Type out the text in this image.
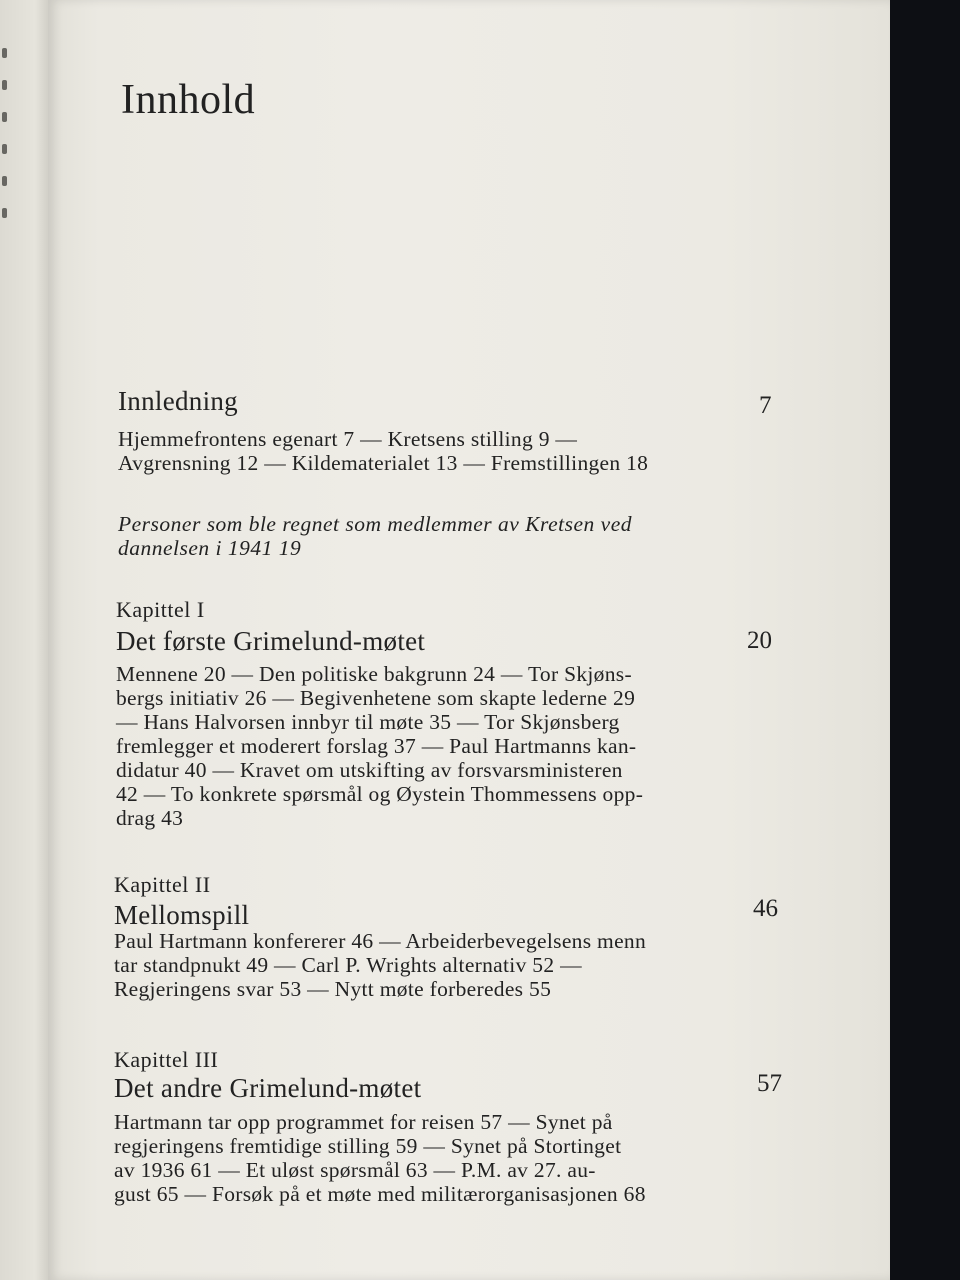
Innhold
Innledning	7
Hjemmefrontens egenart 7 — Kretsens stilling 9 —
Avgrensning 12 — Kildematerialet 13 — Fremstillingen 18
Personer som ble regnet som medlemmer av Kretsen ved
dannelsen i 1941 19
Kapittel I
Det første Grimelund-møtet	20
Mennene 20 — Den politiske bakgrunn 24 — Tor Skjøns-
bergs initiativ 26 — Begivenhetene som skapte lederne 29
— Hans Halvorsen innbyr til møte 35 — Tor Skjønsberg
fremlegger et moderert forslag 37 — Paul Hartmanns kan-
didatur 40 — Kravet om utskifting av forsvarsministeren
42 — To konkrete spørsmål og Øystein Thommessens opp-
drag 43
Kapittel II
Mellomspill	46
Paul Hartmann konfererer 46 — Arbeiderbevegelsens menn
tar standpnukt 49 — Carl P. Wrights alternativ 52 —
Regjeringens svar 53 — Nytt møte forberedes 55
Kapittel III
Det andre Grimelund-møtet	57
Hartmann tar opp programmet for reisen 57 — Synet på
regjeringens fremtidige stilling 59 — Synet på Stortinget
av 1936 61 — Et uløst spørsmål 63 — P.M. av 27. au-
gust 65 — Forsøk på et møte med militærorganisasjonen 68
